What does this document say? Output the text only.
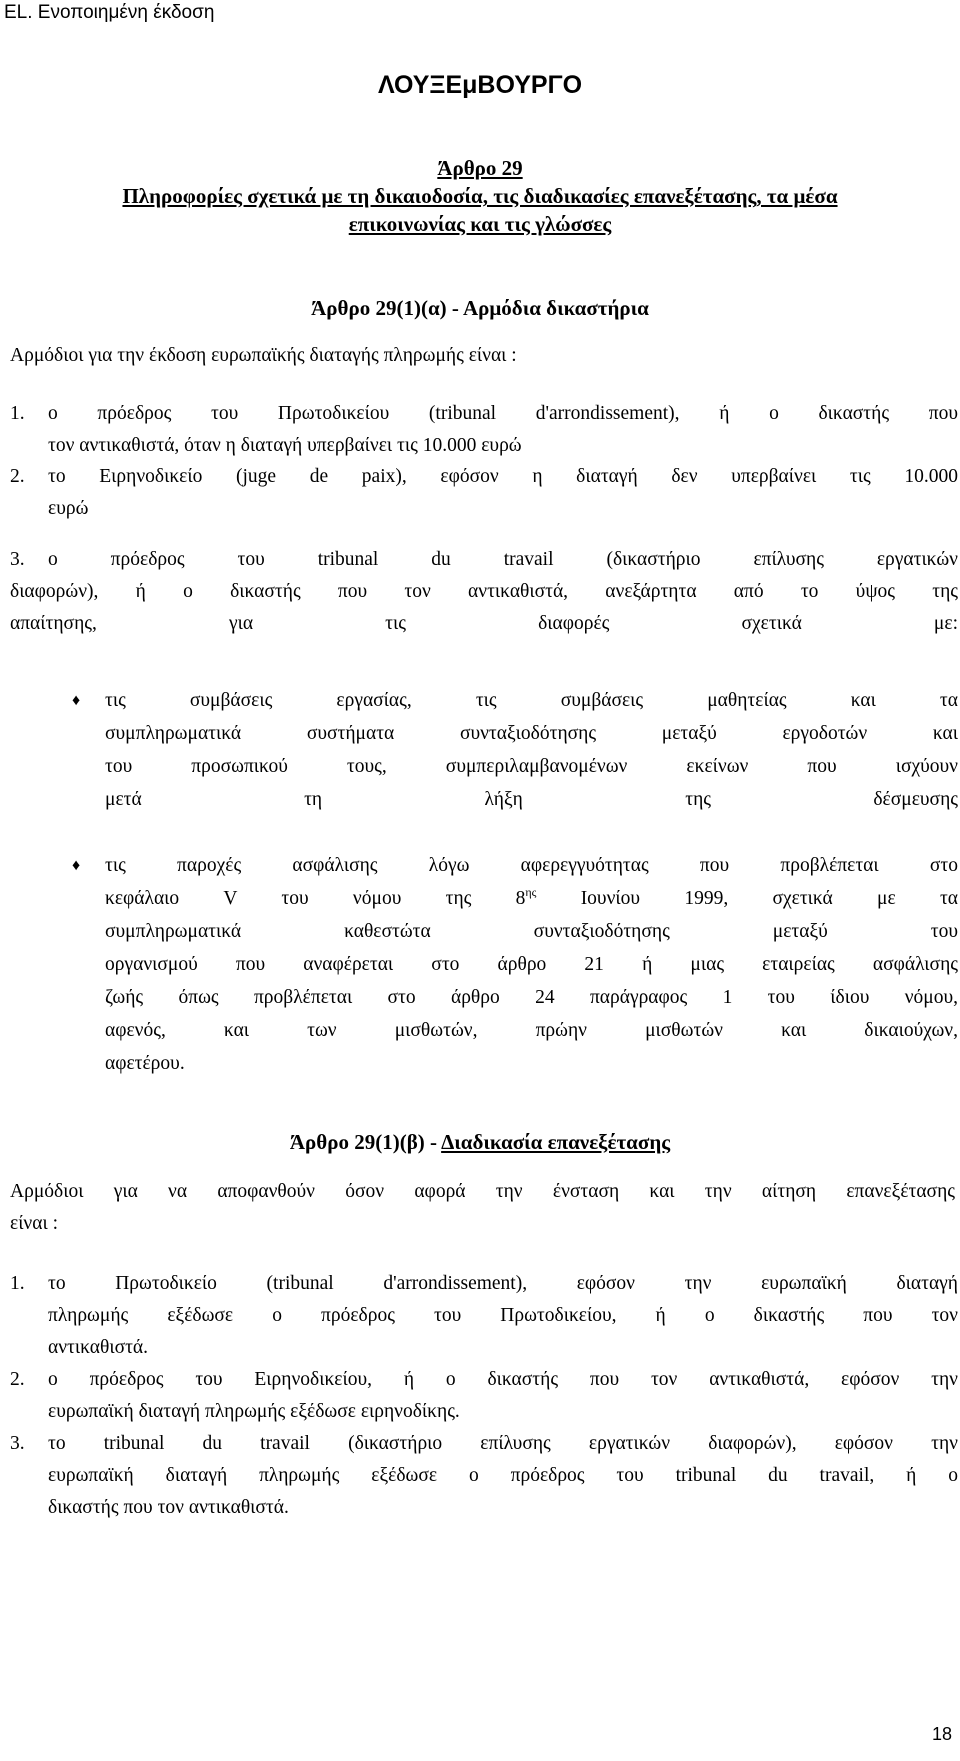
EL. Ενοποιημένη έκδοση
ΛΟΥΞΕμΒΟΥΡΓΟ
Άρθρο 29
Πληροφορίες σχετικά με τη δικαιοδοσία, τις διαδικασίες επανεξέτασης, τα μέσα
επικοινωνίας και τις γλώσσες
Άρθρο 29(1)(α) - Αρμόδια δικαστήρια
Αρμόδιοι για την έκδοση ευρωπαϊκής διαταγής πληρωμής είναι :
1. ο πρόεδρος του Πρωτοδικείου (tribunal d'arrondissement), ή ο δικαστής που
τον αντικαθιστά, όταν η διαταγή υπερβαίνει τις 10.000 ευρώ
2. το Ειρηνοδικείο (juge de paix), εφόσον η διαταγή δεν υπερβαίνει τις 10.000
ευρώ
3. ο πρόεδρος του tribunal du travail (δικαστήριο επίλυσης εργατικών
διαφορών), ή ο δικαστής που τον αντικαθιστά, ανεξάρτητα από το ύψος της
απαίτησης, για τις διαφορές σχετικά με:
♦ τις συμβάσεις εργασίας, τις συμβάσεις μαθητείας και τα
συμπληρωματικά συστήματα συνταξιοδότησης μεταξύ εργοδοτών και
του προσωπικού τους, συμπεριλαμβανομένων εκείνων που ισχύουν
μετά τη λήξη της δέσμευσης
♦ τις παροχές ασφάλισης λόγω αφερεγγυότητας που προβλέπεται στο
κεφάλαιο V του νόμου της $8^{\eta\varsigma}$ Ιουνίου 1999, σχετικά με τα
συμπληρωματικά καθεστώτα συνταξιοδότησης μεταξύ του
οργανισμού που αναφέρεται στο άρθρο 21 ή μιας εταιρείας ασφάλισης
ζωής όπως προβλέπεται στο άρθρο 24 παράγραφος 1 του ίδιου νόμου,
αφενός, και των μισθωτών, πρώην μισθωτών και δικαιούχων,
αφετέρου.
Άρθρο 29(1)(β) - Διαδικασία επανεξέτασης
Αρμόδιοι για να αποφανθούν όσον αφορά την ένσταση και την αίτηση επανεξέτασης
είναι :
1. το Πρωτοδικείο (tribunal d'arrondissement), εφόσον την ευρωπαϊκή διαταγή
πληρωμής εξέδωσε ο πρόεδρος του Πρωτοδικείου, ή ο δικαστής που τον
αντικαθιστά.
2. ο πρόεδρος του Ειρηνοδικείου, ή ο δικαστής που τον αντικαθιστά, εφόσον την
ευρωπαϊκή διαταγή πληρωμής εξέδωσε ειρηνοδίκης.
3. το tribunal du travail (δικαστήριο επίλυσης εργατικών διαφορών), εφόσον την
ευρωπαϊκή διαταγή πληρωμής εξέδωσε ο πρόεδρος του tribunal du travail, ή ο
δικαστής που τον αντικαθιστά.
18
